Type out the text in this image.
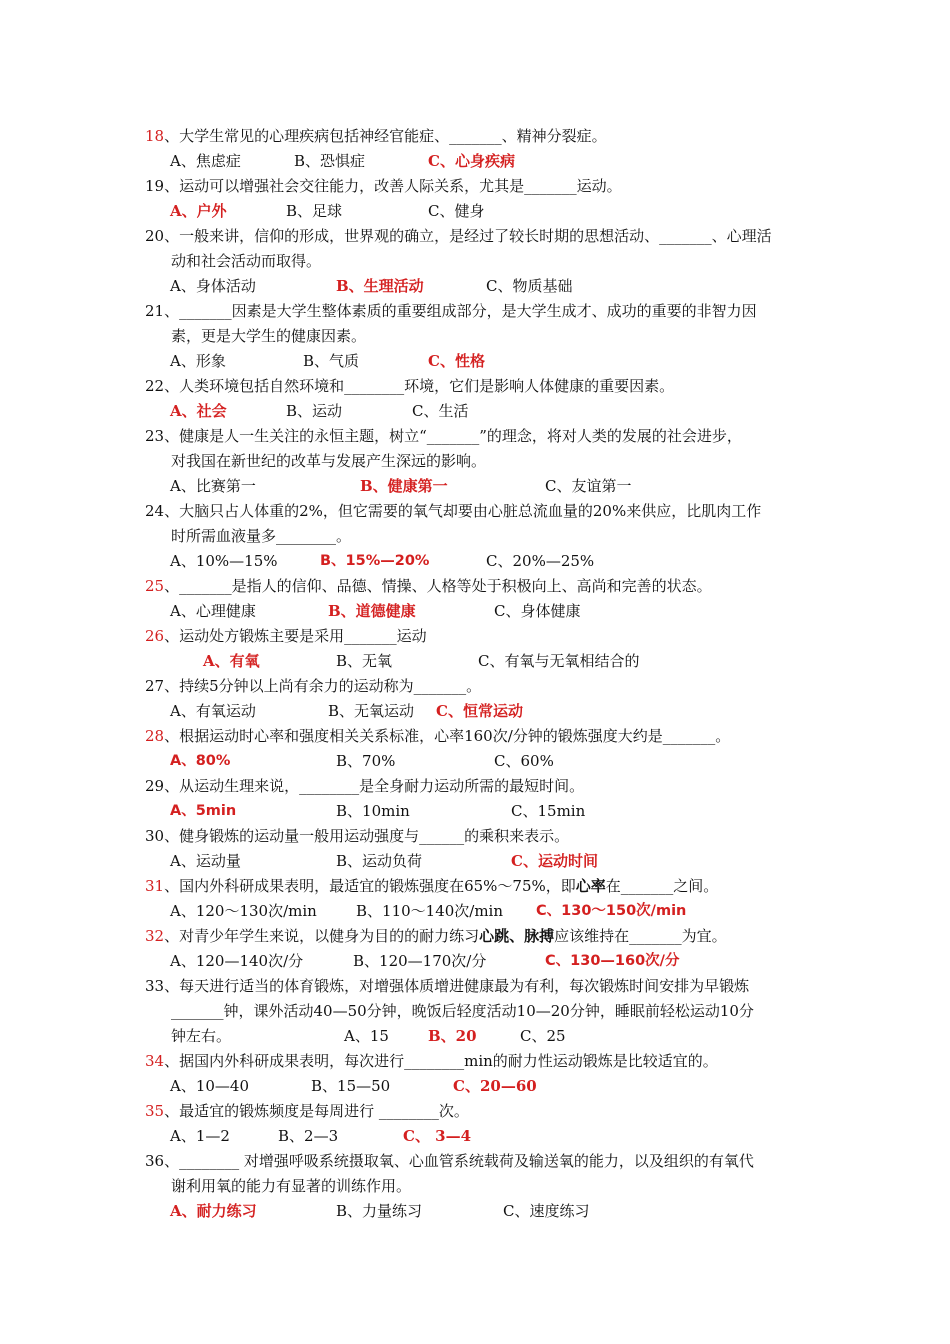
18、大学生常见的心理疾病包括神经官能症、_______、精神分裂症。
A、焦虑症	B、恐惧症	C、心身疾病
19、运动可以增强社会交往能力，改善人际关系，尤其是_______运动。
A、户外	B、足球	C、健身
20、一般来讲，信仰的形成，世界观的确立，是经过了较长时期的思想活动、_______、心理活
动和社会活动而取得。
A、身体活动	B、生理活动	C、物质基础
21、_______因素是大学生整体素质的重要组成部分，是大学生成才、成功的重要的非智力因
素，更是大学生的健康因素。
A、形象	B、气质	C、性格
22、人类环境包括自然环境和________环境，它们是影响人体健康的重要因素。
A、社会	B、运动	C、生活
23、健康是人一生关注的永恒主题，树立“_______”的理念，将对人类的发展的社会进步，
对我国在新世纪的改革与发展产生深远的影响。
A、比赛第一	B、健康第一	C、友谊第一
24、大脑只占人体重的2%，但它需要的氧气却要由心脏总流血量的20%来供应，比肌肉工作
时所需血液量多________。
A、10%—15%	B、15%—20%	C、20%—25%
25、_______是指人的信仰、品德、情操、人格等处于积极向上、高尚和完善的状态。
A、心理健康	B、道德健康	C、身体健康
26、运动处方锻炼主要是采用_______运动
A、有氧	B、无氧	C、有氧与无氧相结合的
27、持续5分钟以上尚有余力的运动称为_______。
A、有氧运动	B、无氧运动 C、恒常运动
28、根据运动时心率和强度相关关系标准，心率160次/分钟的锻炼强度大约是_______。
A、80%	B、70%	C、60%
29、从运动生理来说，________是全身耐力运动所需的最短时间。
A、5min	B、10min	C、15min
30、健身锻炼的运动量一般用运动强度与______的乘积来表示。
A、运动量	B、运动负荷	C、运动时间
31、国内外科研成果表明，最适宜的锻炼强度在65%～75%，即心率在_______之间。
A、120～130次/min	B、110～140次/min C、130～150次/min
32、对青少年学生来说，以健身为目的的耐力练习心跳、脉搏应该维持在_______为宜。
A、120—140次/分	B、120—170次/分	C、130—160次/分
33、每天进行适当的体育锻炼，对增强体质增进健康最为有利，每次锻炼时间安排为早锻炼
_______钟，课外活动40—50分钟，晚饭后轻度活动10—20分钟，睡眠前轻松运动10分
钟左右。	A、15	B、20	C、25
34、据国内外科研成果表明，每次进行________min的耐力性运动锻炼是比较适宜的。
A、10—40	B、15—50	C、20—60
35、最适宜的锻炼频度是每周进行 ________次。
A、1—2	B、2—3	C、 3—4
36、________ 对增强呼吸系统摄取氧、心血管系统载荷及输送氧的能力，以及组织的有氧代
谢利用氧的能力有显著的训练作用。
A、耐力练习	B、力量练习	C、速度练习
